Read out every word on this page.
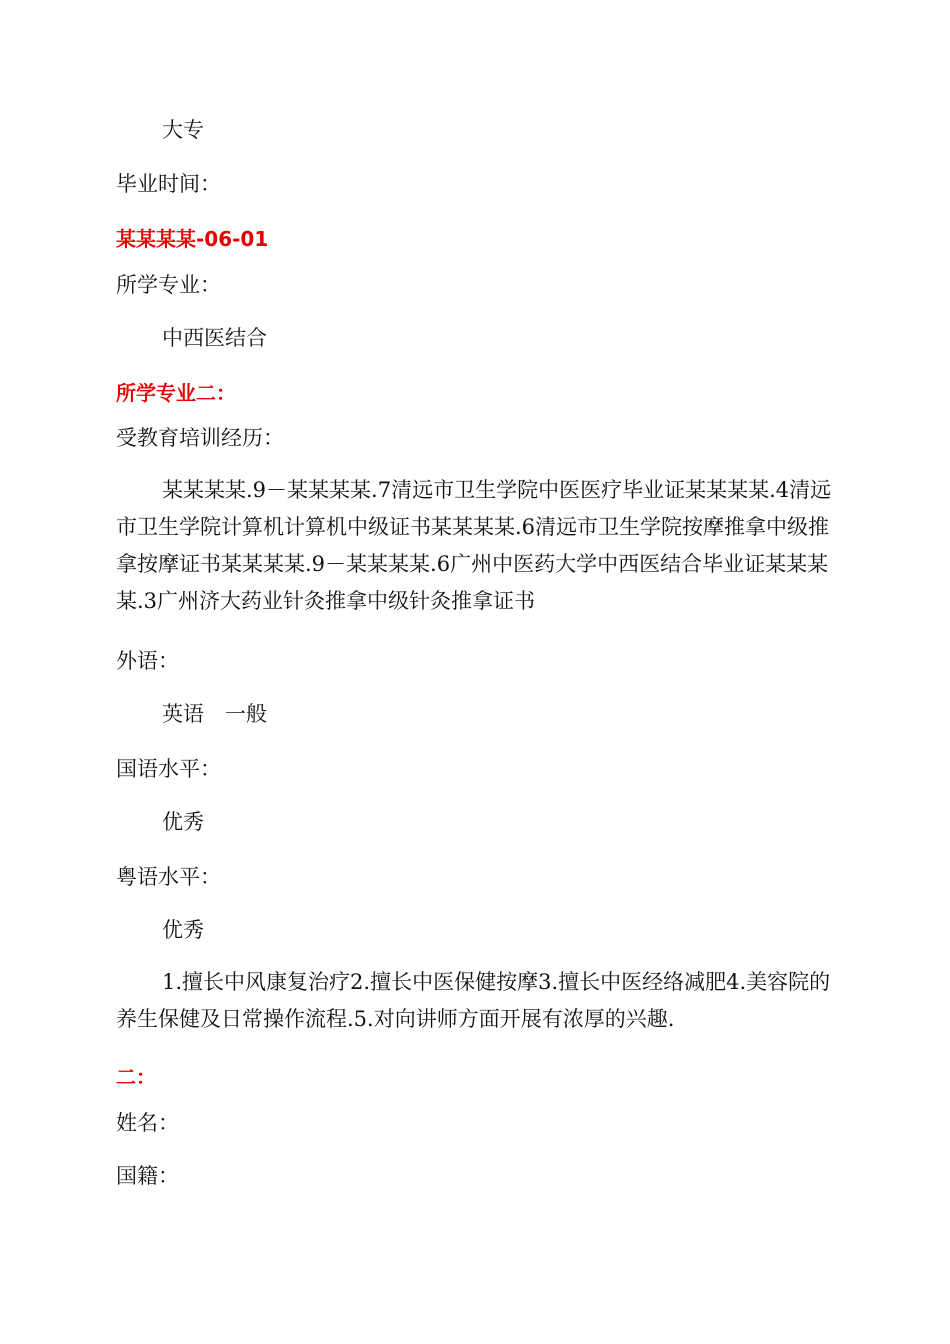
大专
毕业时间：
某某某某-06-01
所学专业：
中西医结合
所学专业二：
受教育培训经历：
某某某某.9－某某某某.7清远市卫生学院中医医疗毕业证某某某某.4清远市卫生学院计算机计算机中级证书某某某某.6清远市卫生学院按摩推拿中级推拿按摩证书某某某某.9－某某某某.6广州中医药大学中西医结合毕业证某某某某.3广州济大药业针灸推拿中级针灸推拿证书
外语：
英语　一般
国语水平：
优秀
粤语水平：
优秀
1.擅长中风康复治疗2.擅长中医保健按摩3.擅长中医经络减肥4.美容院的养生保健及日常操作流程.5.对向讲师方面开展有浓厚的兴趣.
二：
姓名：
国籍：
